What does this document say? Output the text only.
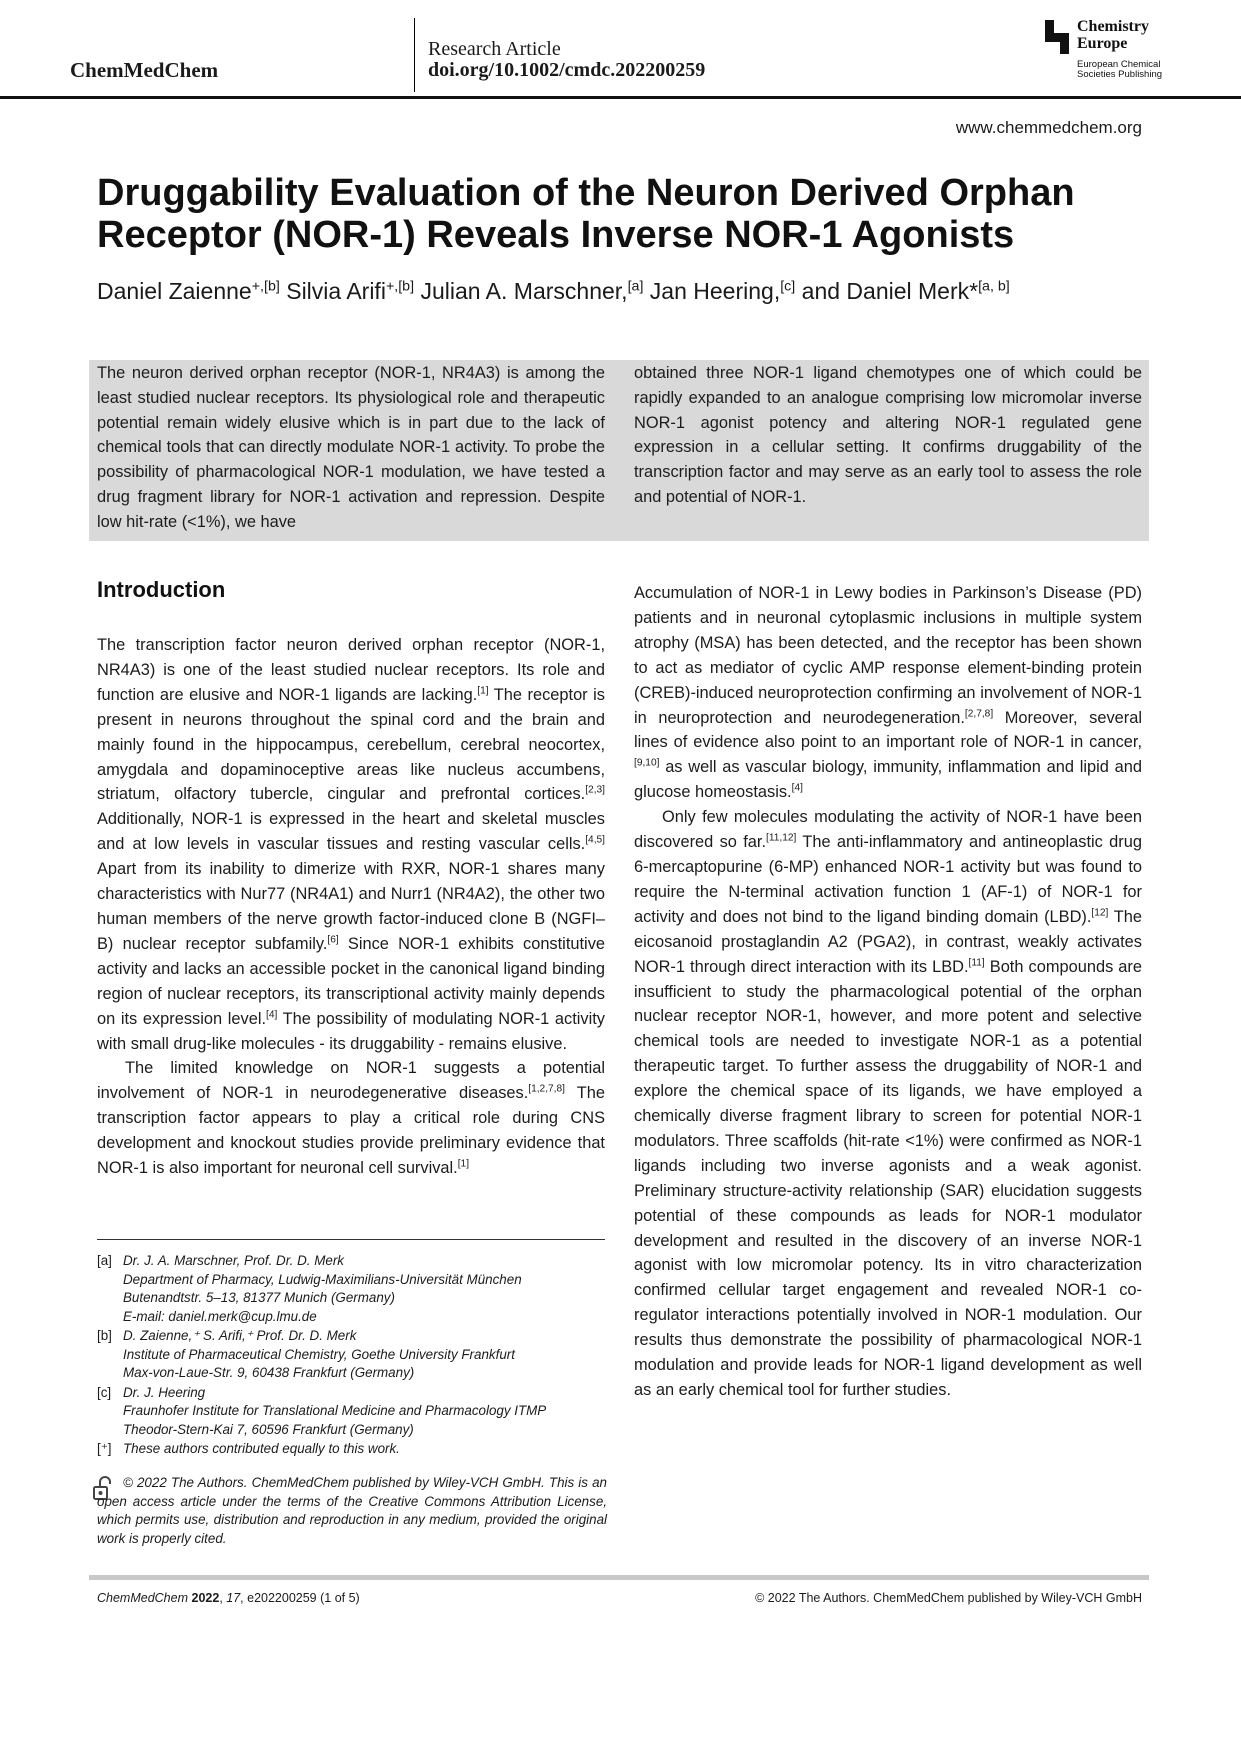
ChemMedChem
Research Article
doi.org/10.1002/cmdc.202200259
Chemistry
Europe
European Chemical
Societies Publishing
www.chemmedchem.org
Druggability Evaluation of the Neuron Derived Orphan Receptor (NOR-1) Reveals Inverse NOR-1 Agonists
Daniel Zaienne$^{+,[b]}$ Silvia Arifi$^{+,[b]}$ Julian A. Marschner,[a] Jan Heering,[c] and Daniel Merk*[a, b]
The neuron derived orphan receptor (NOR-1, NR4A3) is among the least studied nuclear receptors. Its physiological role and therapeutic potential remain widely elusive which is in part due to the lack of chemical tools that can directly modulate NOR-1 activity. To probe the possibility of pharmacological NOR-1 modulation, we have tested a drug fragment library for NOR-1 activation and repression. Despite low hit-rate (<1%), we have
obtained three NOR-1 ligand chemotypes one of which could be rapidly expanded to an analogue comprising low micromolar inverse NOR-1 agonist potency and altering NOR-1 regulated gene expression in a cellular setting. It confirms druggability of the transcription factor and may serve as an early tool to assess the role and potential of NOR-1.
Introduction

The transcription factor neuron derived orphan receptor (NOR-1, NR4A3) is one of the least studied nuclear receptors. Its role and function are elusive and NOR-1 ligands are lacking.[1] The receptor is present in neurons throughout the spinal cord and the brain and mainly found in the hippocampus, cerebellum, cerebral neocortex, amygdala and dopaminoceptive areas like nucleus accumbens, striatum, olfactory tubercle, cingular and prefrontal cortices.[2,3] Additionally, NOR-1 is expressed in the heart and skeletal muscles and at low levels in vascular tissues and resting vascular cells.[4,5] Apart from its inability to dimerize with RXR, NOR-1 shares many characteristics with Nur77 (NR4A1) and Nurr1 (NR4A2), the other two human members of the nerve growth factor-induced clone B (NGFI–B) nuclear receptor subfamily.[6] Since NOR-1 exhibits constitutive activity and lacks an accessible pocket in the canonical ligand binding region of nuclear receptors, its transcriptional activity mainly depends on its expression level.[4] The possibility of modulating NOR-1 activity with small drug-like molecules - its druggability - remains elusive.

The limited knowledge on NOR-1 suggests a potential involvement of NOR-1 in neurodegenerative diseases.[1,2,7,8] The transcription factor appears to play a critical role during CNS development and knockout studies provide preliminary evidence that NOR-1 is also important for neuronal cell survival.[1]

Accumulation of NOR-1 in Lewy bodies in Parkinson’s Disease (PD) patients and in neuronal cytoplasmic inclusions in multiple system atrophy (MSA) has been detected, and the receptor has been shown to act as mediator of cyclic AMP response element-binding protein (CREB)-induced neuroprotection confirming an involvement of NOR-1 in neuroprotection and neurodegeneration.[2,7,8] Moreover, several lines of evidence also point to an important role of NOR-1 in cancer,[9,10] as well as vascular biology, immunity, inflammation and lipid and glucose homeostasis.[4]

Only few molecules modulating the activity of NOR-1 have been discovered so far.[11,12] The anti-inflammatory and antineoplastic drug 6-mercaptopurine (6-MP) enhanced NOR-1 activity but was found to require the N-terminal activation function 1 (AF-1) of NOR-1 for activity and does not bind to the ligand binding domain (LBD).[12] The eicosanoid prostaglandin A2 (PGA2), in contrast, weakly activates NOR-1 through direct interaction with its LBD.[11] Both compounds are insufficient to study the pharmacological potential of the orphan nuclear receptor NOR-1, however, and more potent and selective chemical tools are needed to investigate NOR-1 as a potential therapeutic target. To further assess the druggability of NOR-1 and explore the chemical space of its ligands, we have employed a chemically diverse fragment library to screen for potential NOR-1 modulators. Three scaffolds (hit-rate <1%) were confirmed as NOR-1 ligands including two inverse agonists and a weak agonist. Preliminary structure-activity relationship (SAR) elucidation suggests potential of these compounds as leads for NOR-1 modulator development and resulted in the discovery of an inverse NOR-1 agonist with low micromolar potency. Its in vitro characterization confirmed cellular target engagement and revealed NOR-1 co-regulator interactions potentially involved in NOR-1 modulation. Our results thus demonstrate the possibility of pharmacological NOR-1 modulation and provide leads for NOR-1 ligand development as well as an early chemical tool for further studies.

[a] Dr. J. A. Marschner, Prof. Dr. D. Merk
Department of Pharmacy, Ludwig-Maximilians-Universität München
Butenandtstr. 5–13, 81377 Munich (Germany)
E-mail: daniel.merk@cup.lmu.de
[b] D. Zaienne,⁺ S. Arifi,⁺ Prof. Dr. D. Merk
Institute of Pharmaceutical Chemistry, Goethe University Frankfurt
Max-von-Laue-Str. 9, 60438 Frankfurt (Germany)
[c] Dr. J. Heering
Fraunhofer Institute for Translational Medicine and Pharmacology ITMP
Theodor-Stern-Kai 7, 60596 Frankfurt (Germany)
[⁺] These authors contributed equally to this work.
© 2022 The Authors. ChemMedChem published by Wiley-VCH GmbH. This is an open access article under the terms of the Creative Commons Attribution License, which permits use, distribution and reproduction in any medium, provided the original work is properly cited.
ChemMedChem 2022, 17, e202200259 (1 of 5)	© 2022 The Authors. ChemMedChem published by Wiley-VCH GmbH
